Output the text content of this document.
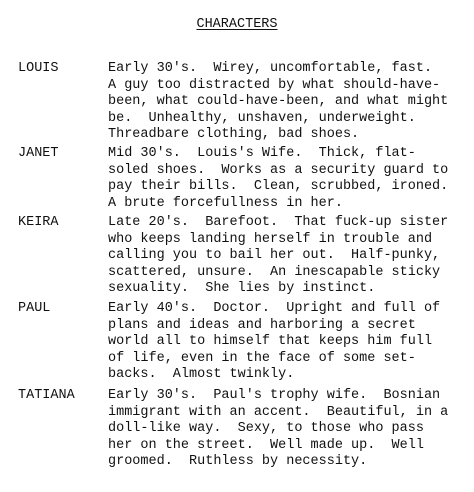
CHARACTERS
LOUIS	Early 30's.  Wirey, uncomfortable, fast.
A guy too distracted by what should-have-
been, what could-have-been, and what might
be.  Unhealthy, unshaven, underweight.
Threadbare clothing, bad shoes.
JANET	Mid 30's.  Louis's Wife.  Thick, flat-
soled shoes.  Works as a security guard to
pay their bills.  Clean, scrubbed, ironed.
A brute forcefullness in her.
KEIRA	Late 20's.  Barefoot.  That fuck-up sister
who keeps landing herself in trouble and
calling you to bail her out.  Half-punky,
scattered, unsure.  An inescapable sticky
sexuality.  She lies by instinct.
PAUL	Early 40's.  Doctor.  Upright and full of
plans and ideas and harboring a secret
world all to himself that keeps him full
of life, even in the face of some set-
backs.  Almost twinkly.
TATIANA Early 30's.  Paul's trophy wife.  Bosnian
immigrant with an accent.  Beautiful, in a
doll-like way.  Sexy, to those who pass
her on the street.  Well made up.  Well
groomed.  Ruthless by necessity.
